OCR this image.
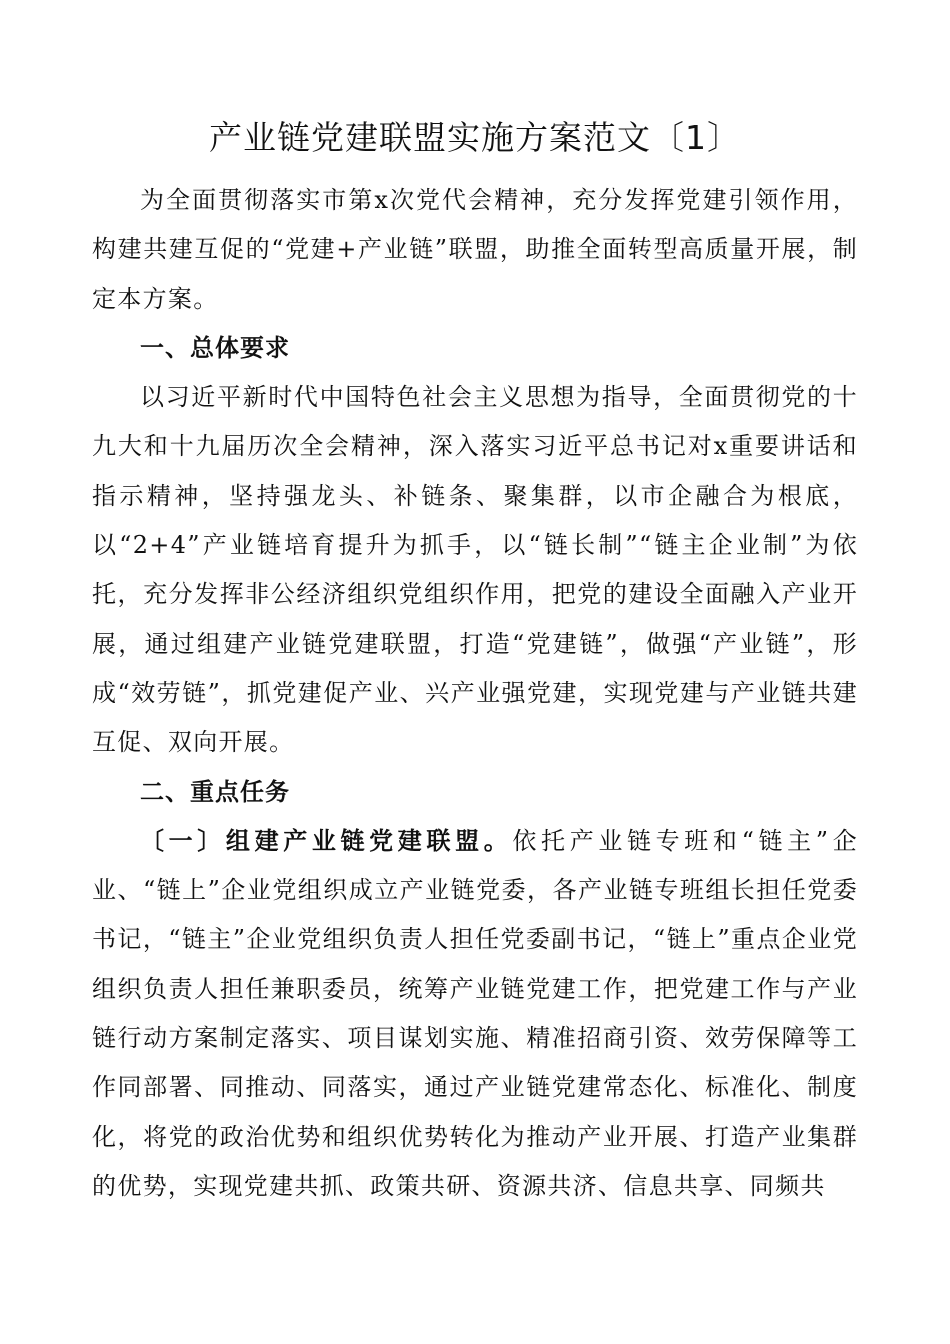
产业链党建联盟实施方案范文〔1〕

为全面贯彻落实市第x次党代会精神，充分发挥党建引领作用，构建共建互促的“党建+产业链”联盟，助推全面转型高质量开展，制定本方案。

一、总体要求

以习近平新时代中国特色社会主义思想为指导，全面贯彻党的十九大和十九届历次全会精神，深入落实习近平总书记对x重要讲话和指示精神，坚持强龙头、补链条、聚集群，以市企融合为根底，以“2+4”产业链培育提升为抓手，以“链长制”“链主企业制”为依托，充分发挥非公经济组织党组织作用，把党的建设全面融入产业开展，通过组建产业链党建联盟，打造“党建链”，做强“产业链”，形成“效劳链”，抓党建促产业、兴产业强党建，实现党建与产业链共建互促、双向开展。

二、重点任务

〔一〕组建产业链党建联盟。依托产业链专班和“链主”企业、“链上”企业党组织成立产业链党委，各产业链专班组长担任党委书记，“链主”企业党组织负责人担任党委副书记，“链上”重点企业党组织负责人担任兼职委员，统筹产业链党建工作，把党建工作与产业链行动方案制定落实、项目谋划实施、精准招商引资、效劳保障等工作同部署、同推动、同落实，通过产业链党建常态化、标准化、制度化，将党的政治优势和组织优势转化为推动产业开展、打造产业集群的优势，实现党建共抓、政策共研、资源共济、信息共享、同频共
